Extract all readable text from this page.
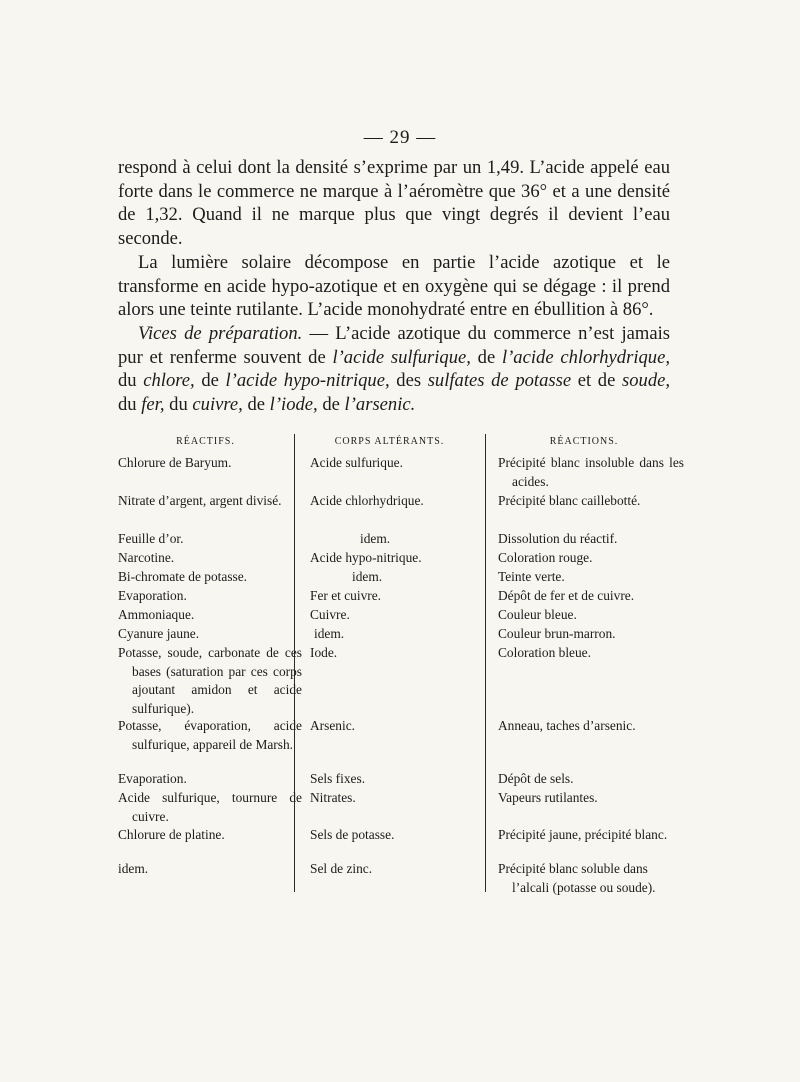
— 29 —

respond à celui dont la densité s’exprime par un 1,49. L’acide appelé eau forte dans le commerce ne marque à l’aéromètre que 36° et a une densité de 1,32. Quand il ne marque plus que vingt degrés il devient l’eau seconde.

La lumière solaire décompose en partie l’acide azotique et le transforme en acide hypo-azotique et en oxygène qui se dégage : il prend alors une teinte rutilante. L’acide monohydraté entre en ébullition à 86°.

Vices de préparation. — L’acide azotique du commerce n’est jamais pur et renferme souvent de l’acide sulfurique, de l’acide chlorhydrique, du chlore, de l’acide hypo-nitrique, des sulfates de potasse et de soude, du fer, du cuivre, de l’iode, de l’arsenic.

RÉACTIFS.
Chlorure de Baryum.
Nitrate d’argent, argent divisé.
Feuille d’or.
Narcotine.
Bi-chromate de potasse.
Evaporation.
Ammoniaque.
Cyanure jaune.
Potasse, soude, carbonate de ces bases (saturation par ces corps ajoutant amidon et acide sulfurique).
Potasse, évaporation, acide sulfurique, appareil de Marsh.
Evaporation.
Acide sulfurique, tournure de cuivre.
Chlorure de platine.
idem.
CORPS ALTÉRANTS.
Acide sulfurique.
Acide chlorhydrique.
idem.
Acide hypo-nitrique.
idem.
Fer et cuivre.
Cuivre.
idem.
Iode.
Arsenic.
Sels fixes.
Nitrates.
Sels de potasse.
Sel de zinc.
RÉACTIONS.
Précipité blanc insoluble dans les acides.
Précipité blanc caillebotté.
Dissolution du réactif.
Coloration rouge.
Teinte verte.
Dépôt de fer et de cuivre.
Couleur bleue.
Couleur brun-marron.
Coloration bleue.
Anneau, taches d’arsenic.
Dépôt de sels.
Vapeurs rutilantes.
Précipité jaune, précipité blanc.
Précipité blanc soluble dans l’alcali (potasse ou soude).
